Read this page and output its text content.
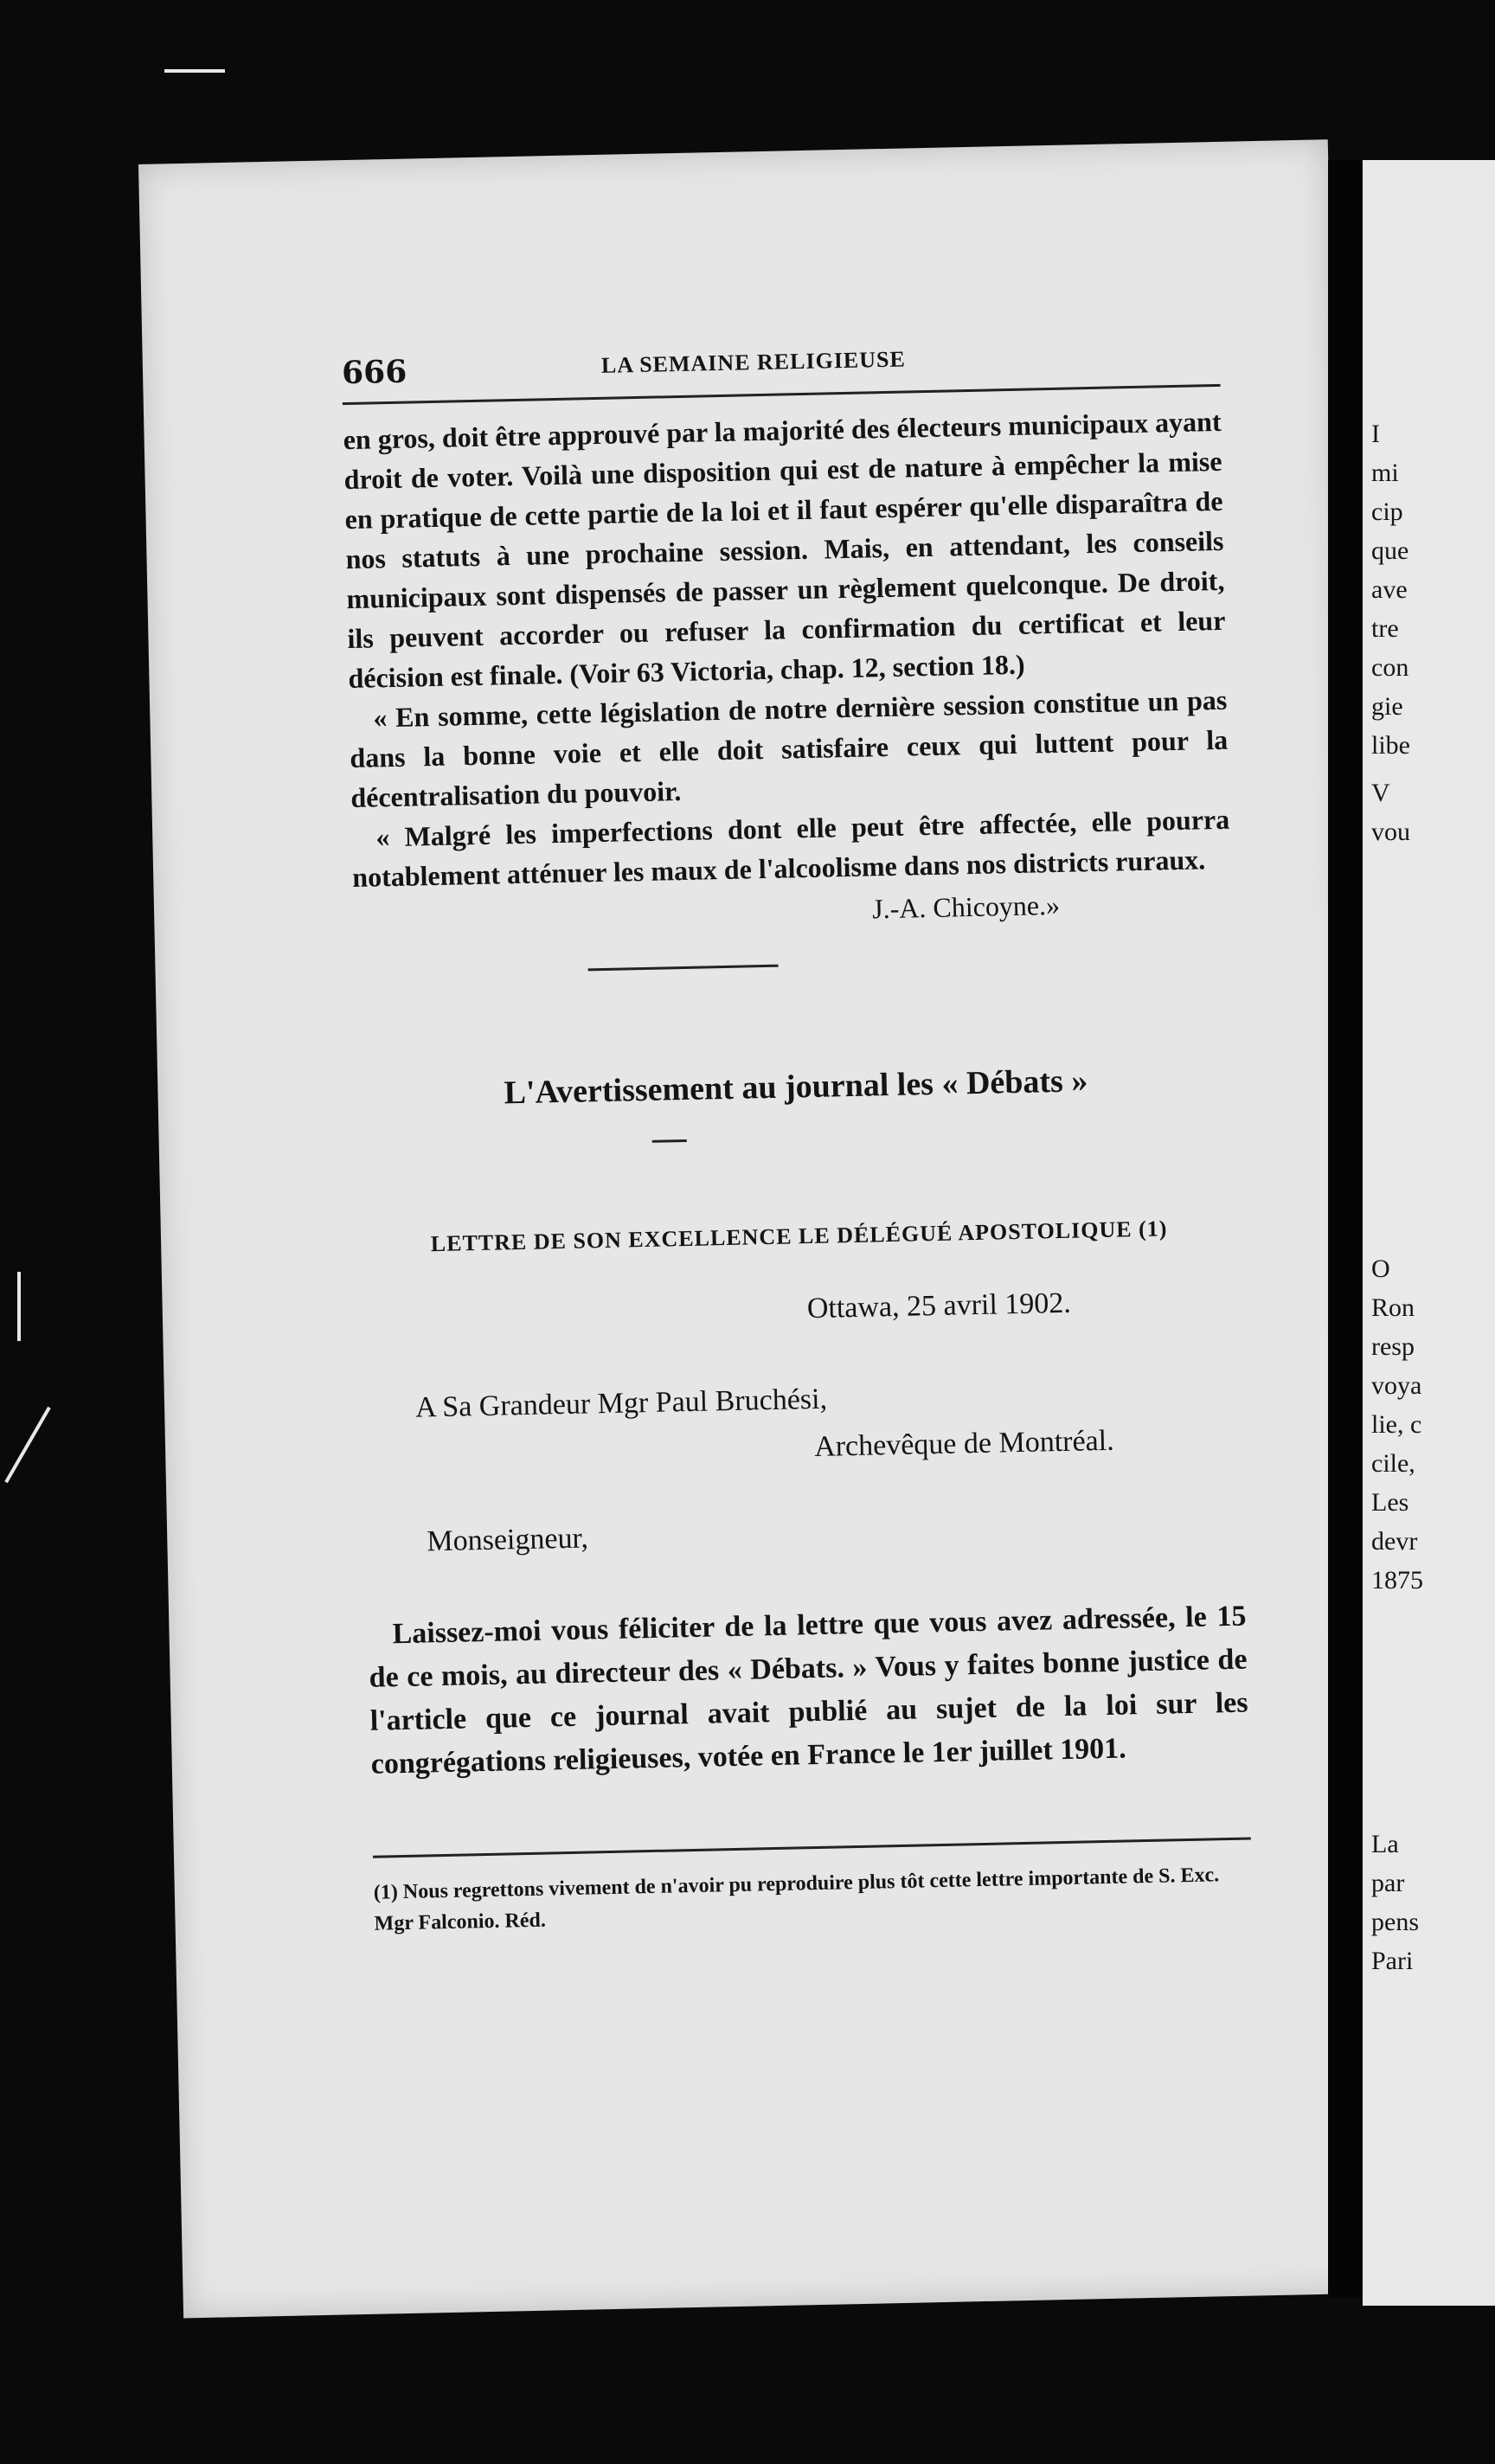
666	LA SEMAINE RELIGIEUSE

en gros, doit être approuvé par la majorité des électeurs municipaux ayant droit de voter. Voilà une disposition qui est de nature à empêcher la mise en pratique de cette partie de la loi et il faut espérer qu'elle disparaîtra de nos statuts à une prochaine session. Mais, en attendant, les conseils municipaux sont dispensés de passer un règlement quelconque. De droit, ils peuvent accorder ou refuser la confirmation du certificat et leur décision est finale. (Voir 63 Victoria, chap. 12, section 18.)

« En somme, cette législation de notre dernière session constitue un pas dans la bonne voie et elle doit satisfaire ceux qui luttent pour la décentralisation du pouvoir.

« Malgré les imperfections dont elle peut être affectée, elle pourra notablement atténuer les maux de l'alcoolisme dans nos districts ruraux.

J.-A. Chicoyne.»
L'Avertissement au journal les « Débats »
LETTRE DE SON EXCELLENCE LE DÉLÉGUÉ APOSTOLIQUE (1)
Ottawa, 25 avril 1902.
A Sa Grandeur Mgr Paul Bruchési,
Archevêque de Montréal.
Monseigneur,

Laissez-moi vous féliciter de la lettre que vous avez adressée, le 15 de ce mois, au directeur des « Débats. » Vous y faites bonne justice de l'article que ce journal avait publié au sujet de la loi sur les congrégations religieuses, votée en France le 1er juillet 1901.

(1) Nous regrettons vivement de n'avoir pu reproduire plus tôt cette lettre importante de S. Exc. Mgr Falconio. Réd.
I
mi
cip
que
ave
tre
con
gie
libe
V
vou
O
Ron
resp
voya
lie, c
cile,
Les
devr
1875
La
par
pens
Pari
